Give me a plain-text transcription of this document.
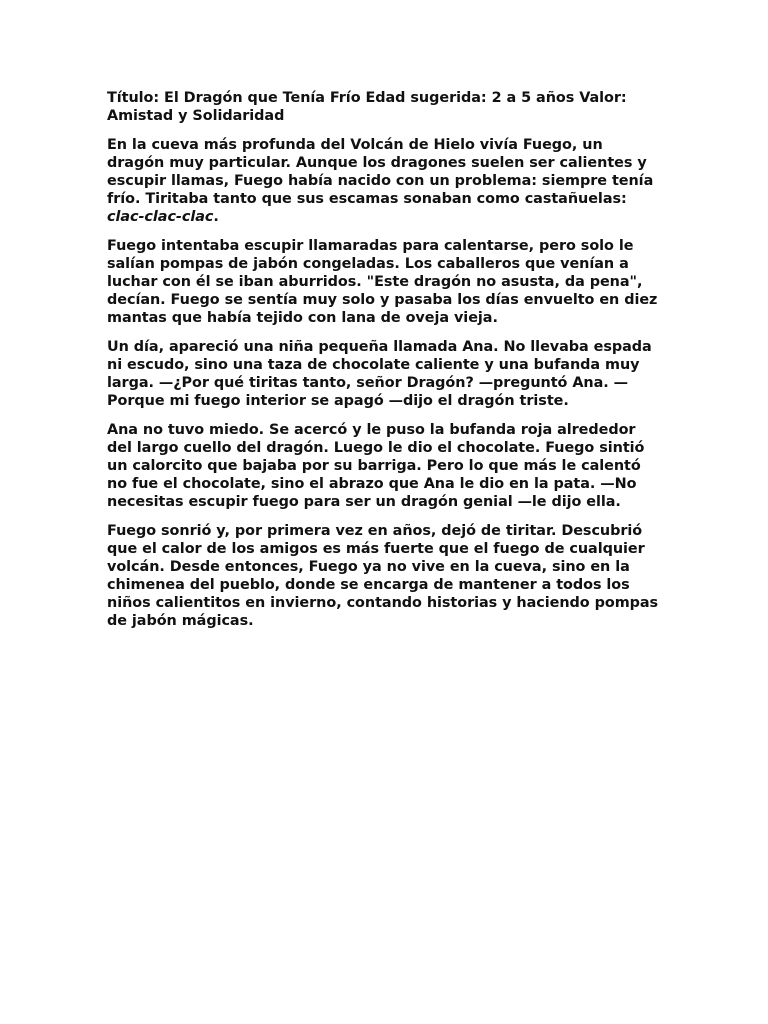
Título: El Dragón que Tenía Frío Edad sugerida: 2 a 5 años Valor: Amistad y Solidaridad

En la cueva más profunda del Volcán de Hielo vivía Fuego, un dragón muy particular. Aunque los dragones suelen ser calientes y escupir llamas, Fuego había nacido con un problema: siempre tenía frío. Tiritaba tanto que sus escamas sonaban como castañuelas: clac-clac-clac.

Fuego intentaba escupir llamaradas para calentarse, pero solo le salían pompas de jabón congeladas. Los caballeros que venían a luchar con él se iban aburridos. "Este dragón no asusta, da pena", decían. Fuego se sentía muy solo y pasaba los días envuelto en diez mantas que había tejido con lana de oveja vieja.

Un día, apareció una niña pequeña llamada Ana. No llevaba espada ni escudo, sino una taza de chocolate caliente y una bufanda muy larga. —¿Por qué tiritas tanto, señor Dragón? —preguntó Ana. —Porque mi fuego interior se apagó —dijo el dragón triste.

Ana no tuvo miedo. Se acercó y le puso la bufanda roja alrededor del largo cuello del dragón. Luego le dio el chocolate. Fuego sintió un calorcito que bajaba por su barriga. Pero lo que más le calentó no fue el chocolate, sino el abrazo que Ana le dio en la pata. —No necesitas escupir fuego para ser un dragón genial —le dijo ella.

Fuego sonrió y, por primera vez en años, dejó de tiritar. Descubrió que el calor de los amigos es más fuerte que el fuego de cualquier volcán. Desde entonces, Fuego ya no vive en la cueva, sino en la chimenea del pueblo, donde se encarga de mantener a todos los niños calientitos en invierno, contando historias y haciendo pompas de jabón mágicas.
